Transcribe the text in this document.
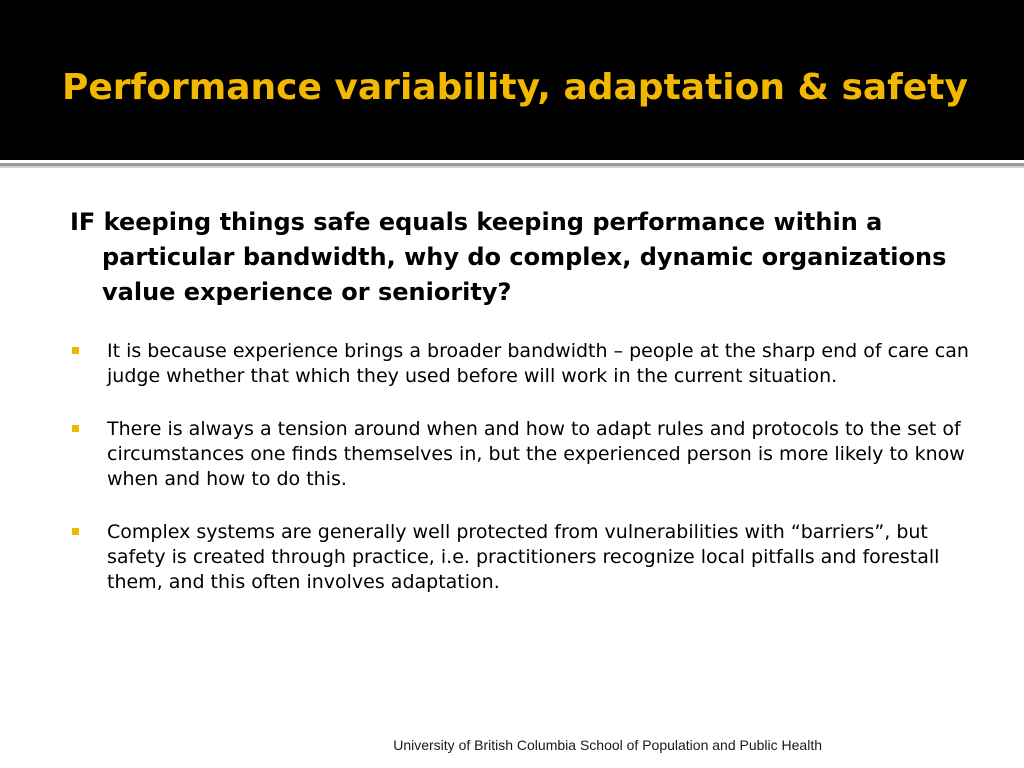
Performance variability, adaptation & safety

IF keeping things safe equals keeping performance within a particular bandwidth, why do complex, dynamic organizations value experience or seniority?

It is because experience brings a broader bandwidth – people at the sharp end of care can judge whether that which they used before will work in the current situation.
There is always a tension around when and how to adapt rules and protocols to the set of circumstances one finds themselves in, but the experienced person is more likely to know when and how to do this.
Complex systems are generally well protected from vulnerabilities with “barriers”, but safety is created through practice, i.e. practitioners recognize local pitfalls and forestall them, and this often involves adaptation.
University of British Columbia School of Population and Public Health
